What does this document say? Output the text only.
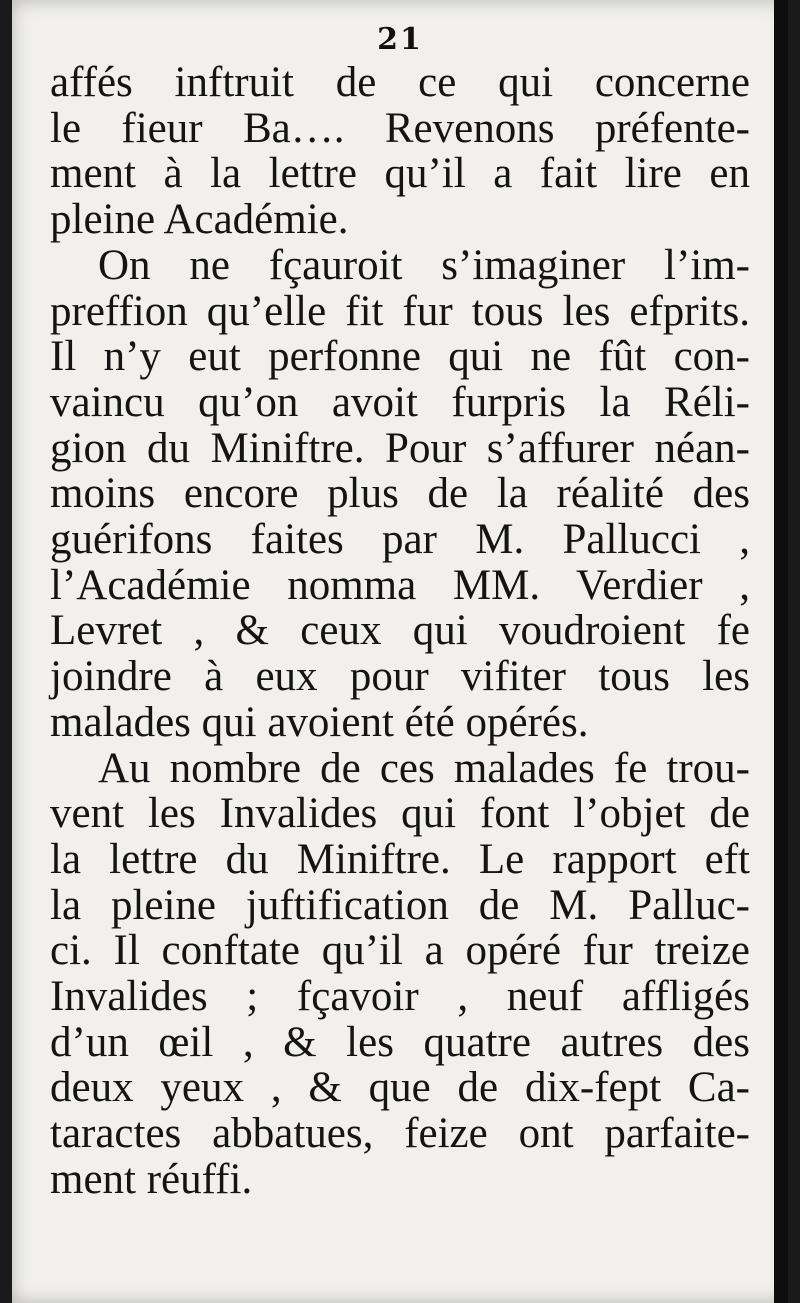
21
affés inftruit de ce qui concerne
le fieur Ba…. Revenons préfente-
ment à la lettre qu’il a fait lire en
pleine Académie.
On ne fçauroit s’imaginer l’im-
preffion qu’elle fit fur tous les efprits.
Il n’y eut perfonne qui ne fût con-
vaincu qu’on avoit furpris la Réli-
gion du Miniftre. Pour s’affurer néan-
moins encore plus de la réalité des
guérifons faites par M. Pallucci ,
l’Académie nomma MM. Verdier ,
Levret , & ceux qui voudroient fe
joindre à eux pour vifiter tous les
malades qui avoient été opérés.
Au nombre de ces malades fe trou-
vent les Invalides qui font l’objet de
la lettre du Miniftre. Le rapport eft
la pleine juftification de M. Palluc-
ci. Il conftate qu’il a opéré fur treize
Invalides ; fçavoir , neuf affligés
d’un œil , & les quatre autres des
deux yeux , & que de dix-fept Ca-
taractes abbatues, feize ont parfaite-
ment réuffi.
